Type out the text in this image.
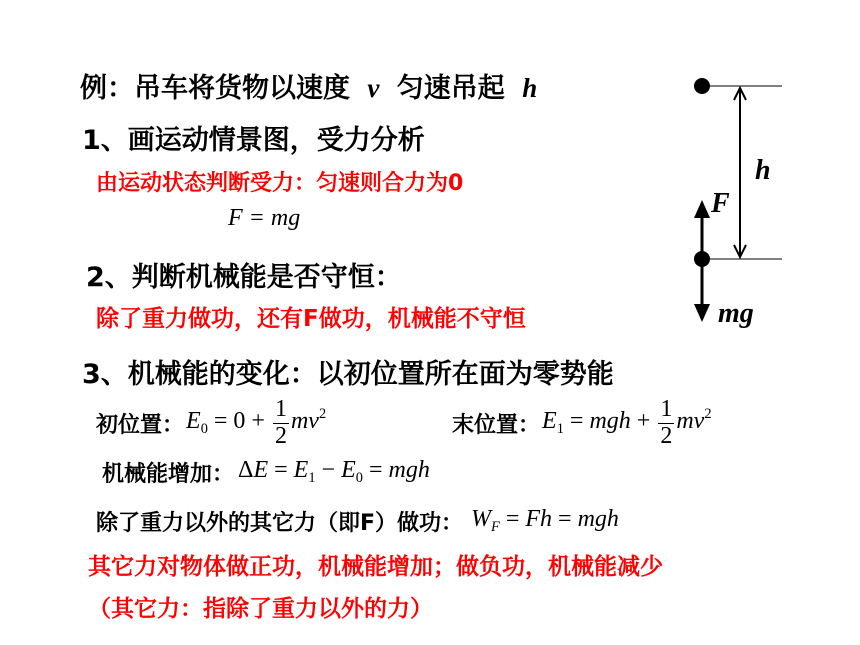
例：吊车将货物以速度 v 匀速吊起 h
1、画运动情景图，受力分析
由运动状态判断受力：匀速则合力为0
F = mg
2、判断机械能是否守恒：
除了重力做功，还有F做功，机械能不守恒
3、机械能的变化：以初位置所在面为零势能
初位置： $E_0 = 0 + \frac{1}{2} mv^2$	末位置： $E_1$ = mgh + $\frac{1}{2} mv^2$
机械能增加： $\Delta E = E_1 - E_0$ = mgh
除了重力以外的其它力（即F）做功： $W_F = Fh$ = mgh
其它力对物体做正功，机械能增加；做负功，机械能减少
（其它力：指除了重力以外的力）
h
F
mg
